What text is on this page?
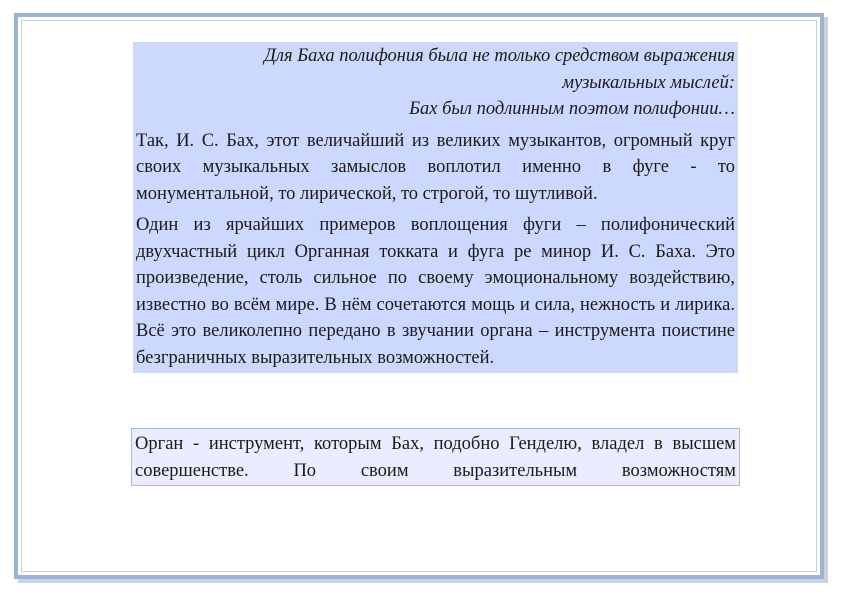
Для Баха полифония была не только средством выражения
музыкальных мыслей:
Бах был подлинным поэтом полифонии…

Так, И. С. Бах, этот величайший из великих музыкантов, огромный круг своих музыкальных замыслов воплотил именно в фуге - то монументальной, то лирической, то строгой, то шутливой.

Один из ярчайших примеров воплощения фуги – полифонический двухчастный цикл Органная токката и фуга ре минор И. С. Баха. Это произведение, столь сильное по своему эмоциональному воздействию, известно во всём мире. В нём сочетаются мощь и сила, нежность и лирика. Всё это великолепно передано в звучании органа – инструмента поистине безграничных выразительных возможностей.

Орган - инструмент, которым Бах, подобно Генделю, владел в высшем совершенстве. По своим выразительным возможностям
